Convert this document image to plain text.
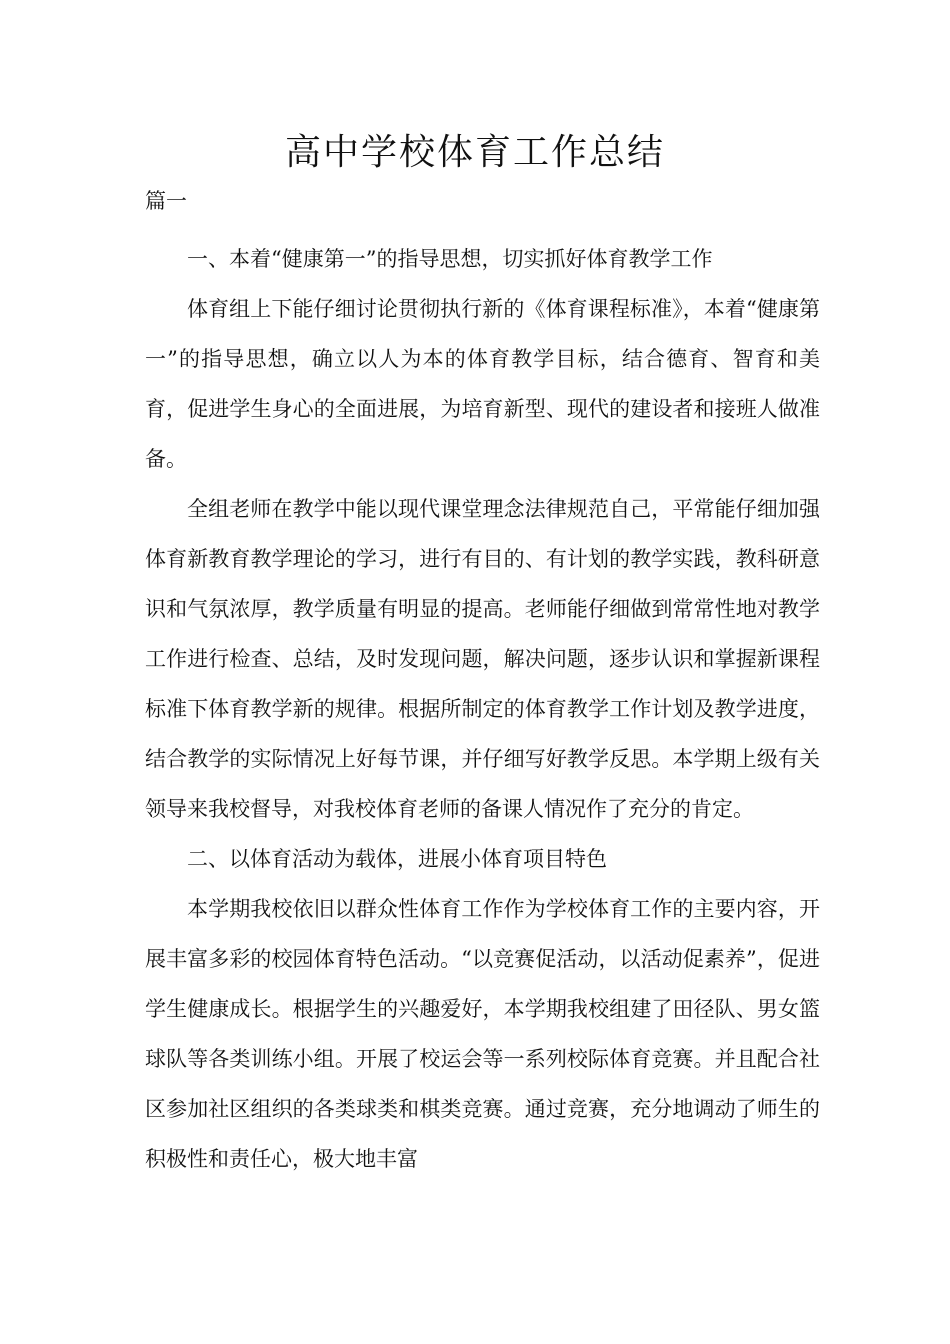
高中学校体育工作总结
篇一

一、本着“健康第一”的指导思想，切实抓好体育教学工作

体育组上下能仔细讨论贯彻执行新的《体育课程标准》，本着“健康第一”的指导思想，确立以人为本的体育教学目标，结合德育、智育和美育，促进学生身心的全面进展，为培育新型、现代的建设者和接班人做准备。

全组老师在教学中能以现代课堂理念法律规范自己，平常能仔细加强体育新教育教学理论的学习，进行有目的、有计划的教学实践，教科研意识和气氛浓厚，教学质量有明显的提高。老师能仔细做到常常性地对教学工作进行检查、总结，及时发现问题，解决问题，逐步认识和掌握新课程标准下体育教学新的规律。根据所制定的体育教学工作计划及教学进度，结合教学的实际情况上好每节课，并仔细写好教学反思。本学期上级有关领导来我校督导，对我校体育老师的备课人情况作了充分的肯定。

二、以体育活动为载体，进展小体育项目特色

本学期我校依旧以群众性体育工作作为学校体育工作的主要内容，开展丰富多彩的校园体育特色活动。“以竞赛促活动，以活动促素养”，促进学生健康成长。根据学生的兴趣爱好，本学期我校组建了田径队、男女篮球队等各类训练小组。开展了校运会等一系列校际体育竞赛。并且配合社区参加社区组织的各类球类和棋类竞赛。通过竞赛，充分地调动了师生的积极性和责任心，极大地丰富
